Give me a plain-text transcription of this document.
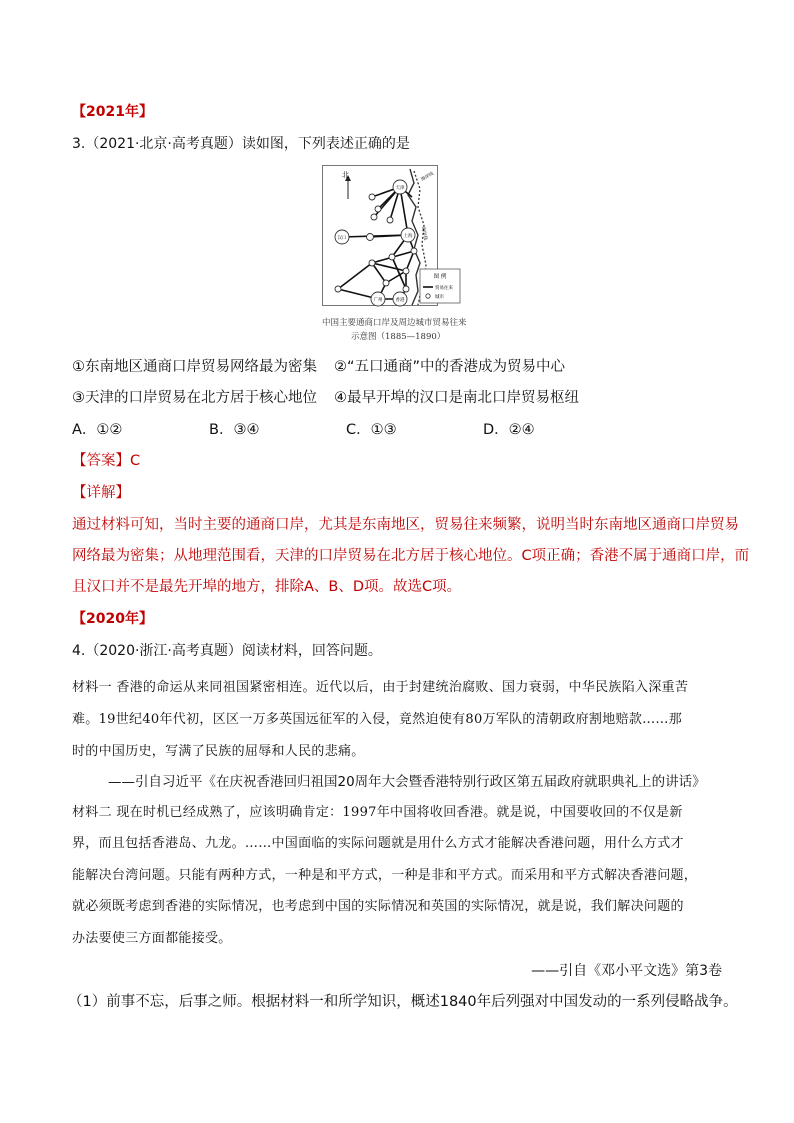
【2021年】
3.（2021·北京·高考真题）读如图，下列表述正确的是
北
天津
汉口	上海
广州	香港
海岸线
海岸线
图 例
贸易往来
城市
中国主要通商口岸及周边城市贸易往来
示意图（1885—1890）
①东南地区通商口岸贸易网络最为密集 ②“五口通商”中的香港成为贸易中心
③天津的口岸贸易在北方居于核心地位 ④最早开埠的汉口是南北口岸贸易枢纽
A．①②	B．③④	C．①③	D．②④
【答案】C
【详解】
通过材料可知，当时主要的通商口岸，尤其是东南地区，贸易往来频繁，说明当时东南地区通商口岸贸易
网络最为密集；从地理范围看，天津的口岸贸易在北方居于核心地位。C项正确；香港不属于通商口岸，而
且汉口并不是最先开埠的地方，排除A、B、D项。故选C项。
【2020年】
4.（2020·浙江·高考真题）阅读材料，回答问题。
材料一 香港的命运从来同祖国紧密相连。近代以后，由于封建统治腐败、国力衰弱，中华民族陷入深重苦
难。19世纪40年代初，区区一万多英国远征军的入侵，竟然迫使有80万军队的清朝政府割地赔款……那
时的中国历史，写满了民族的屈辱和人民的悲痛。
——引自习近平《在庆祝香港回归祖国20周年大会暨香港特别行政区第五届政府就职典礼上的讲话》
材料二 现在时机已经成熟了，应该明确肯定：1997年中国将收回香港。就是说，中国要收回的不仅是新
界，而且包括香港岛、九龙。……中国面临的实际问题就是用什么方式才能解决香港问题，用什么方式才
能解决台湾问题。只能有两种方式，一种是和平方式，一种是非和平方式。而采用和平方式解决香港问题，
就必须既考虑到香港的实际情况，也考虑到中国的实际情况和英国的实际情况，就是说，我们解决问题的
办法要使三方面都能接受。
——引自《邓小平文选》第3卷
（1）前事不忘，后事之师。根据材料一和所学知识，概述1840年后列强对中国发动的一系列侵略战争。
